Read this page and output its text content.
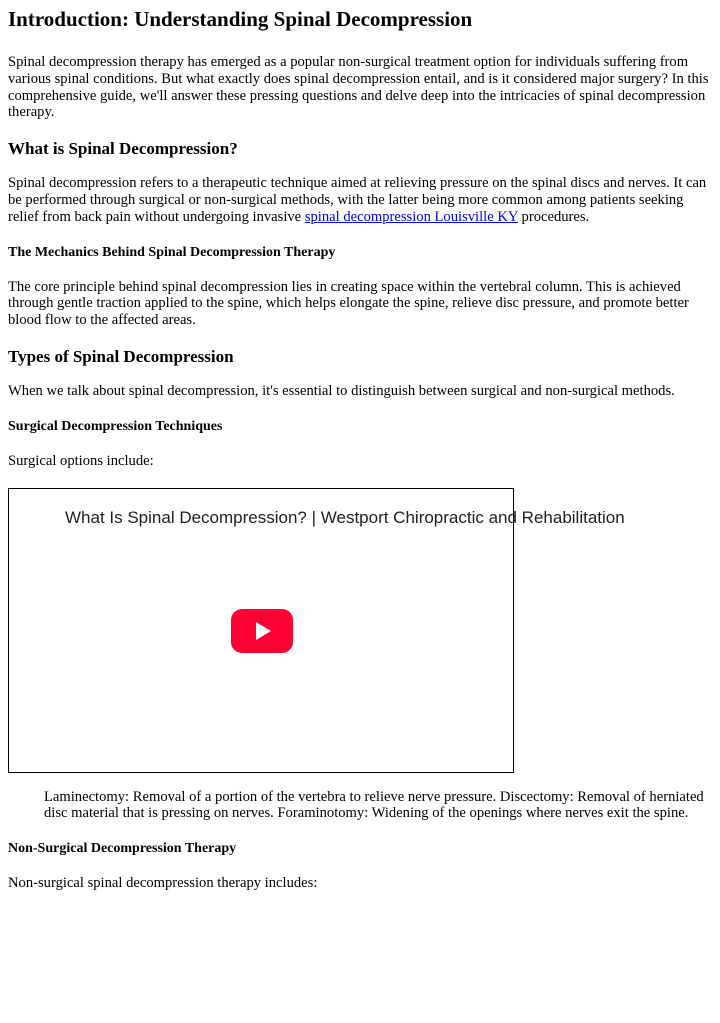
Introduction: Understanding Spinal Decompression

Spinal decompression therapy has emerged as a popular non-surgical treatment option for individuals suffering from various spinal conditions. But what exactly does spinal decompression entail, and is it considered major surgery? In this comprehensive guide, we'll answer these pressing questions and delve deep into the intricacies of spinal decompression therapy.

What is Spinal Decompression?

Spinal decompression refers to a therapeutic technique aimed at relieving pressure on the spinal discs and nerves. It can be performed through surgical or non-surgical methods, with the latter being more common among patients seeking relief from back pain without undergoing invasive spinal decompression Louisville KY procedures.

The Mechanics Behind Spinal Decompression Therapy

The core principle behind spinal decompression lies in creating space within the vertebral column. This is achieved through gentle traction applied to the spine, which helps elongate the spine, relieve disc pressure, and promote better blood flow to the affected areas.

Types of Spinal Decompression

When we talk about spinal decompression, it's essential to distinguish between surgical and non-surgical methods.

Surgical Decompression Techniques

Surgical options include:

What Is Spinal Decompression? | Westport Chiropractic and Rehabilitation
Laminectomy: Removal of a portion of the vertebra to relieve nerve pressure. Discectomy: Removal of herniated disc material that is pressing on nerves. Foraminotomy: Widening of the openings where nerves exit the spine.
Non-Surgical Decompression Therapy

Non-surgical spinal decompression therapy includes:
